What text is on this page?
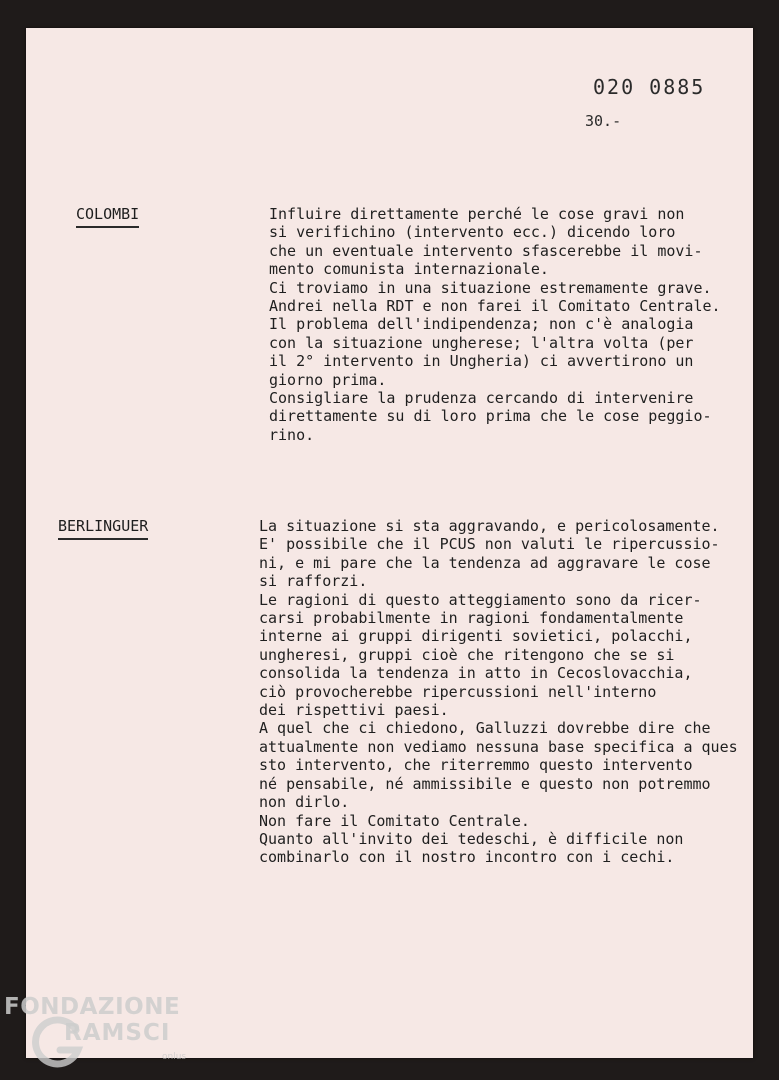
020 0885
30.-
COLOMBI	Influire direttamente perché le cose gravi non
si verifichino (intervento ecc.) dicendo loro
che un eventuale intervento sfascerebbe il movi-
mento comunista internazionale.
Ci troviamo in una situazione estremamente grave.
Andrei nella RDT e non farei il Comitato Centrale.
Il problema dell'indipendenza; non c'è analogia
con la situazione ungherese; l'altra volta (per
il 2° intervento in Ungheria) ci avvertirono un
giorno prima.
Consigliare la prudenza cercando di intervenire
direttamente su di loro prima che le cose peggio-
rino.
BERLINGUER	La situazione si sta aggravando, e pericolosamente.
E' possibile che il PCUS non valuti le ripercussio-
ni, e mi pare che la tendenza ad aggravare le cose
si rafforzi.
Le ragioni di questo atteggiamento sono da ricer-
carsi probabilmente in ragioni fondamentalmente
interne ai gruppi dirigenti sovietici, polacchi,
ungheresi, gruppi cioè che ritengono che se si
consolida la tendenza in atto in Cecoslovacchia,
ciò provocherebbe ripercussioni nell'interno
dei rispettivi paesi.
A quel che ci chiedono, Galluzzi dovrebbe dire che
attualmente non vediamo nessuna base specifica a ques
sto intervento, che riterremmo questo intervento
né pensabile, né ammissibile e questo non potremmo
non dirlo.
Non fare il Comitato Centrale.
Quanto all'invito dei tedeschi, è difficile non
combinarlo con il nostro incontro con i cechi.
FONDAZIONE
RAMSCI
onlus
